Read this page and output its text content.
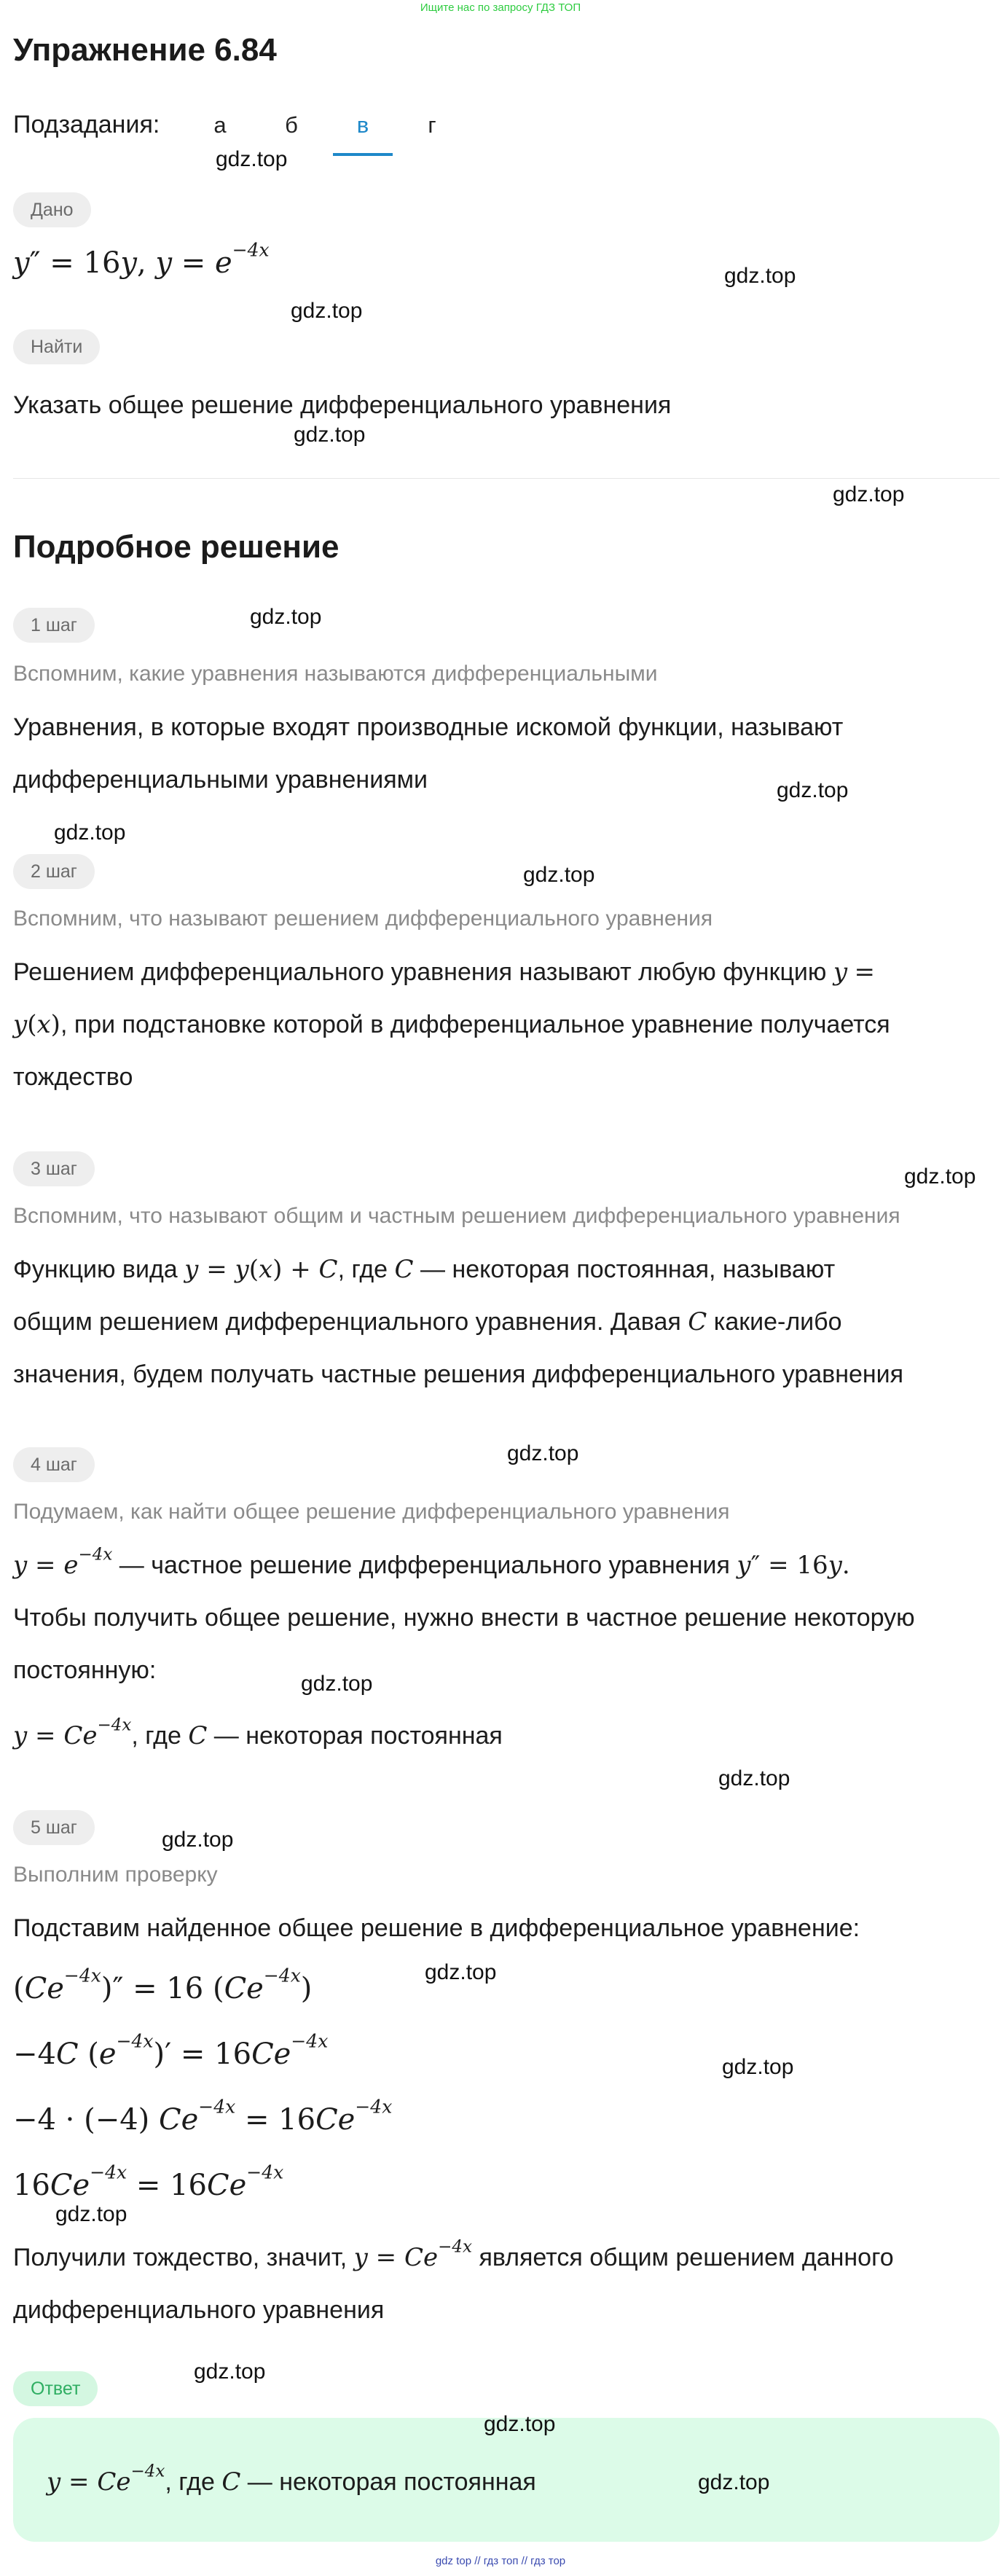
Ищите нас по запросу ГДЗ ТОП
Упражнение 6.84
Подзадания:	а	б	в	г
Дано
y″ = 16y, $y = e^{-4x}$
Найти
Указать общее решение дифференциального уравнения
Подробное решение
1 шаг
Вспомним, какие уравнения называются дифференциальными
Уравнения, в которые входят производные искомой функции, называют
дифференциальными уравнениями
2 шаг
Вспомним, что называют решением дифференциального уравнения
Решением дифференциального уравнения называют любую функцию y =
y(x), при подстановке которой в дифференциальное уравнение получается
тождество
3 шаг
Вспомним, что называют общим и частным решением дифференциального уравнения
Функцию вида y = y(x) + C, где C — некоторая постоянная, называют
общим решением дифференциального уравнения. Давая C какие-либо
значения, будем получать частные решения дифференциального уравнения
4 шаг
Подумаем, как найти общее решение дифференциального уравнения
$y = e^{-4x}$ — частное решение дифференциального уравнения y″ = 16y.
Чтобы получить общее решение, нужно внести в частное решение некоторую
постоянную:
$y = Ce^{-4x}$, где C — некоторая постоянная
5 шаг
Выполним проверку
Подставим найденное общее решение в дифференциальное уравнение:
$(Ce^{-4x})'' = 16$ $(Ce^{-4x})$
−4C $(e^{-4x})' = 16Ce^{-4x}$
−4 · (−4) $Ce^{-4x} = 16Ce^{-4x}$
$16Ce^{-4x} = 16Ce^{-4x}$
Получили тождество, значит, $y = Ce^{-4x}$ является общим решением данного
дифференциального уравнения
Ответ
$y = Ce^{-4x}$, где C — некоторая постоянная
gdz.top
gdz.top
gdz.top
gdz.top
gdz.top
gdz.top
gdz.top
gdz.top
gdz.top
gdz.top
gdz.top
gdz.top
gdz.top
gdz.top
gdz.top
gdz.top
gdz.top
gdz.top
gdz.top
gdz.top
gdz top // гдз топ // гдз тор
